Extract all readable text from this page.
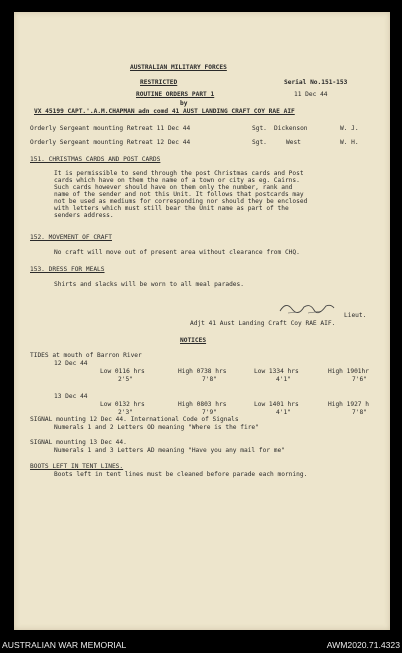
AUSTRALIAN MILITARY FORCES
RESTRICTED	Serial No.151-153
ROUTINE ORDERS PART 1	11 Dec 44
by
VX 45199 CAPT.'.A.M.CHAPMAN adn comd 41 AUST LANDING CRAFT COY RAE AIF
Orderly Sergeant mounting Retreat 11 Dec 44	Sgt. Dickenson	W. J.
Orderly Sergeant mounting Retreat 12 Dec 44	Sgt.	West	W. H.
151. CHRISTMAS CARDS AND POST CARDS
It is permissible to send through the post Christmas cards and Post
cards which have on them the name of a town or city as eg. Cairns.
Such cards however should have on them only the number, rank and
name of the sender and not this Unit. It follows that postcards may
not be used as mediums for corresponding nor should they be enclosed
with letters which must still bear the Unit name as part of the
senders address.
152. MOVEMENT OF CRAFT
No craft will move out of present area without clearance from CHQ.
153. DRESS FOR MEALS
Shirts and slacks will be worn to all meal parades.
Lieut.
Adjt 41 Aust Landing Craft Coy RAE AIF.
NOTICES
TIDES at mouth of Barron River
12 Dec 44
Low 0116 hrs
2'5"
High 0738 hrs
7'8"
Low 1334 hrs
4'1"
High 1901hr
7'6"
13 Dec 44
Low 0132 hrs
2'3"
High 0803 hrs
7'9"
Low 1401 hrs
4'1"
High 1927 h
7'8"
SIGNAL mounting 12 Dec 44. International Code of Signals
Numerals 1 and 2 Letters OD meaning "Where is the fire"
SIGNAL mounting 13 Dec 44.
Numerals 1 and 3 Letters AD meaning "Have you any mail for me"
BOOTS LEFT IN TENT LINES.
Boots left in tent lines must be cleaned before parade each morning.
AUSTRALIAN WAR MEMORIAL	AWM2020.71.4323
